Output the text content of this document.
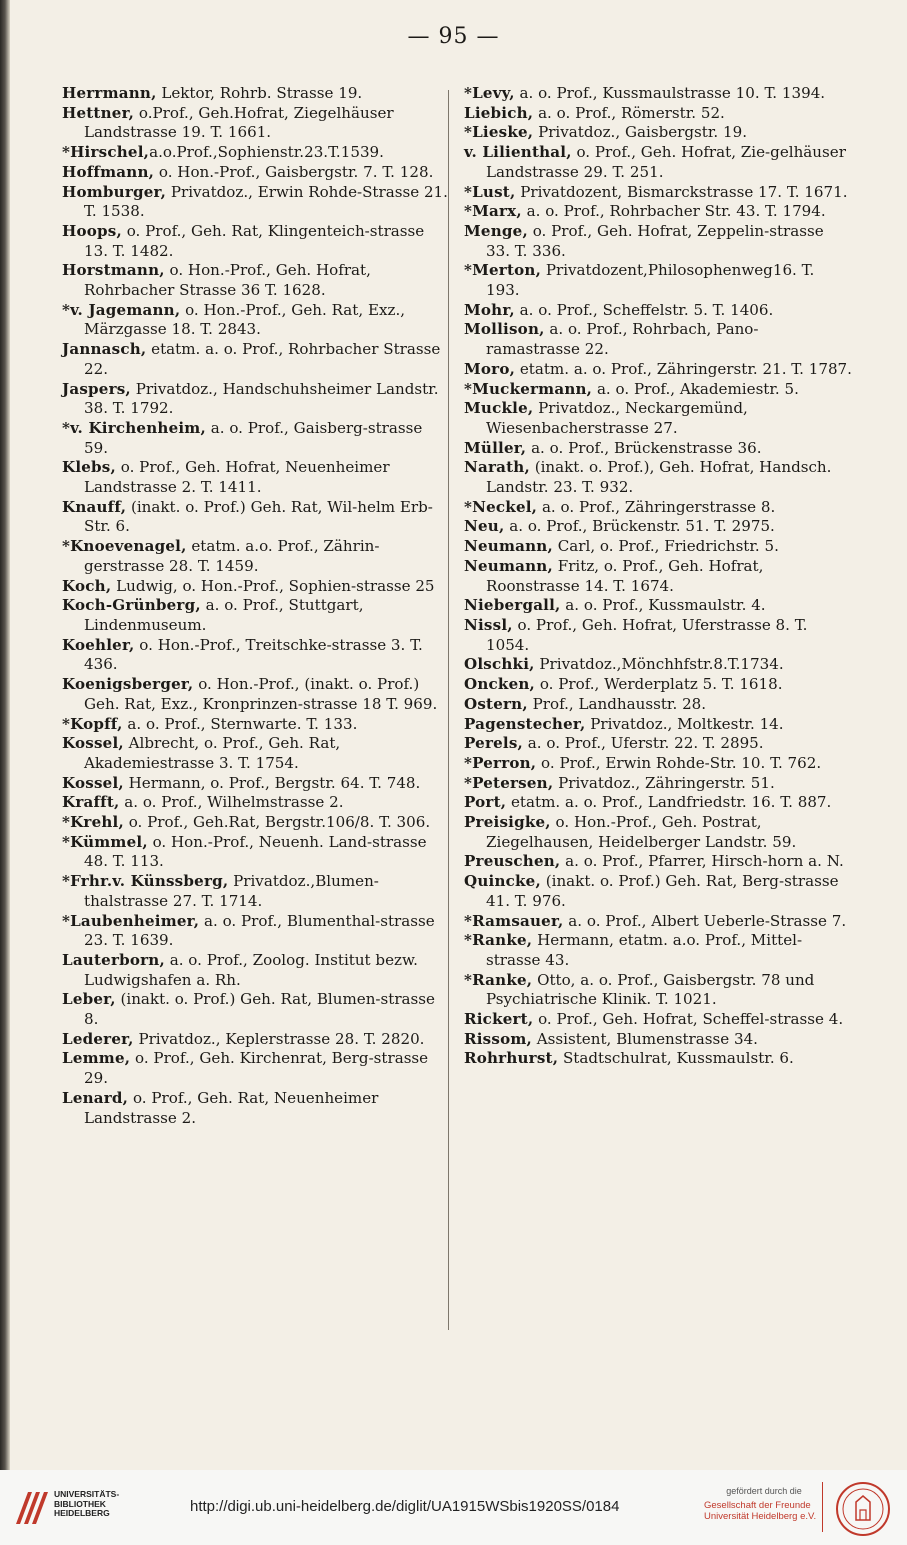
— 95 —

Herrmann, Lektor, Rohrb. Strasse 19.

Hettner, o.Prof., Geh.Hofrat, Ziegelhäuser Landstrasse 19. T. 1661.

*Hirschel,a.o.Prof.,Sophienstr.23.T.1539.

Hoffmann, o. Hon.-Prof., Gaisbergstr. 7. T. 128.

Homburger, Privatdoz., Erwin Rohde-Strasse 21. T. 1538.

Hoops, o. Prof., Geh. Rat, Klingenteich-strasse 13. T. 1482.

Horstmann, o. Hon.-Prof., Geh. Hofrat, Rohrbacher Strasse 36 T. 1628.

*v. Jagemann, o. Hon.-Prof., Geh. Rat, Exz., Märzgasse 18. T. 2843.

Jannasch, etatm. a. o. Prof., Rohrbacher Strasse 22.

Jaspers, Privatdoz., Handschuhsheimer Landstr. 38. T. 1792.

*v. Kirchenheim, a. o. Prof., Gaisberg-strasse 59.

Klebs, o. Prof., Geh. Hofrat, Neuenheimer Landstrasse 2. T. 1411.

Knauff, (inakt. o. Prof.) Geh. Rat, Wil-helm Erb-Str. 6.

*Knoevenagel, etatm. a.o. Prof., Zährin-gerstrasse 28. T. 1459.

Koch, Ludwig, o. Hon.-Prof., Sophien-strasse 25

Koch-Grünberg, a. o. Prof., Stuttgart, Lindenmuseum.

Koehler, o. Hon.-Prof., Treitschke-strasse 3. T. 436.

Koenigsberger, o. Hon.-Prof., (inakt. o. Prof.) Geh. Rat, Exz., Kronprinzen-strasse 18 T. 969.

*Kopff, a. o. Prof., Sternwarte. T. 133.

Kossel, Albrecht, o. Prof., Geh. Rat, Akademiestrasse 3. T. 1754.

Kossel, Hermann, o. Prof., Bergstr. 64. T. 748.

Krafft, a. o. Prof., Wilhelmstrasse 2.

*Krehl, o. Prof., Geh.Rat, Bergstr.106/8. T. 306.

*Kümmel, o. Hon.-Prof., Neuenh. Land-strasse 48. T. 113.

*Frhr.v. Künssberg, Privatdoz.,Blumen-thalstrasse 27. T. 1714.

*Laubenheimer, a. o. Prof., Blumenthal-strasse 23. T. 1639.

Lauterborn, a. o. Prof., Zoolog. Institut bezw. Ludwigshafen a. Rh.

Leber, (inakt. o. Prof.) Geh. Rat, Blumen-strasse 8.

Lederer, Privatdoz., Keplerstrasse 28. T. 2820.

Lemme, o. Prof., Geh. Kirchenrat, Berg-strasse 29.

Lenard, o. Prof., Geh. Rat, Neuenheimer Landstrasse 2.

*Levy, a. o. Prof., Kussmaulstrasse 10. T. 1394.

Liebich, a. o. Prof., Römerstr. 52.

*Lieske, Privatdoz., Gaisbergstr. 19.

v. Lilienthal, o. Prof., Geh. Hofrat, Zie-gelhäuser Landstrasse 29. T. 251.

*Lust, Privatdozent, Bismarckstrasse 17. T. 1671.

*Marx, a. o. Prof., Rohrbacher Str. 43. T. 1794.

Menge, o. Prof., Geh. Hofrat, Zeppelin-strasse 33. T. 336.

*Merton, Privatdozent,Philosophenweg16. T. 193.

Mohr, a. o. Prof., Scheffelstr. 5. T. 1406.

Mollison, a. o. Prof., Rohrbach, Pano-ramastrasse 22.

Moro, etatm. a. o. Prof., Zähringerstr. 21. T. 1787.

*Muckermann, a. o. Prof., Akademiestr. 5.

Muckle, Privatdoz., Neckargemünd, Wiesenbacherstrasse 27.

Müller, a. o. Prof., Brückenstrasse 36.

Narath, (inakt. o. Prof.), Geh. Hofrat, Handsch. Landstr. 23. T. 932.

*Neckel, a. o. Prof., Zähringerstrasse 8.

Neu, a. o. Prof., Brückenstr. 51. T. 2975.

Neumann, Carl, o. Prof., Friedrichstr. 5.

Neumann, Fritz, o. Prof., Geh. Hofrat, Roonstrasse 14. T. 1674.

Niebergall, a. o. Prof., Kussmaulstr. 4.

Nissl, o. Prof., Geh. Hofrat, Uferstrasse 8. T. 1054.

Olschki, Privatdoz.,Mönchhfstr.8.T.1734.

Oncken, o. Prof., Werderplatz 5. T. 1618.

Ostern, Prof., Landhausstr. 28.

Pagenstecher, Privatdoz., Moltkestr. 14.

Perels, a. o. Prof., Uferstr. 22. T. 2895.

*Perron, o. Prof., Erwin Rohde-Str. 10. T. 762.

*Petersen, Privatdoz., Zähringerstr. 51.

Port, etatm. a. o. Prof., Landfriedstr. 16. T. 887.

Preisigke, o. Hon.-Prof., Geh. Postrat, Ziegelhausen, Heidelberger Landstr. 59.

Preuschen, a. o. Prof., Pfarrer, Hirsch-horn a. N.

Quincke, (inakt. o. Prof.) Geh. Rat, Berg-strasse 41. T. 976.

*Ramsauer, a. o. Prof., Albert Ueberle-Strasse 7.

*Ranke, Hermann, etatm. a.o. Prof., Mittel-strasse 43.

*Ranke, Otto, a. o. Prof., Gaisbergstr. 78 und Psychiatrische Klinik. T. 1021.

Rickert, o. Prof., Geh. Hofrat, Scheffel-strasse 4.

Rissom, Assistent, Blumenstrasse 34.

Rohrhurst, Stadtschulrat, Kussmaulstr. 6.

UNIVERSITÄTS-
BIBLIOTHEK
HEIDELBERG	http://digi.ub.uni-heidelberg.de/diglit/UA1915WSbis1920SS/0184
gefördert durch die
Gesellschaft der Freunde
Universität Heidelberg e.V.
